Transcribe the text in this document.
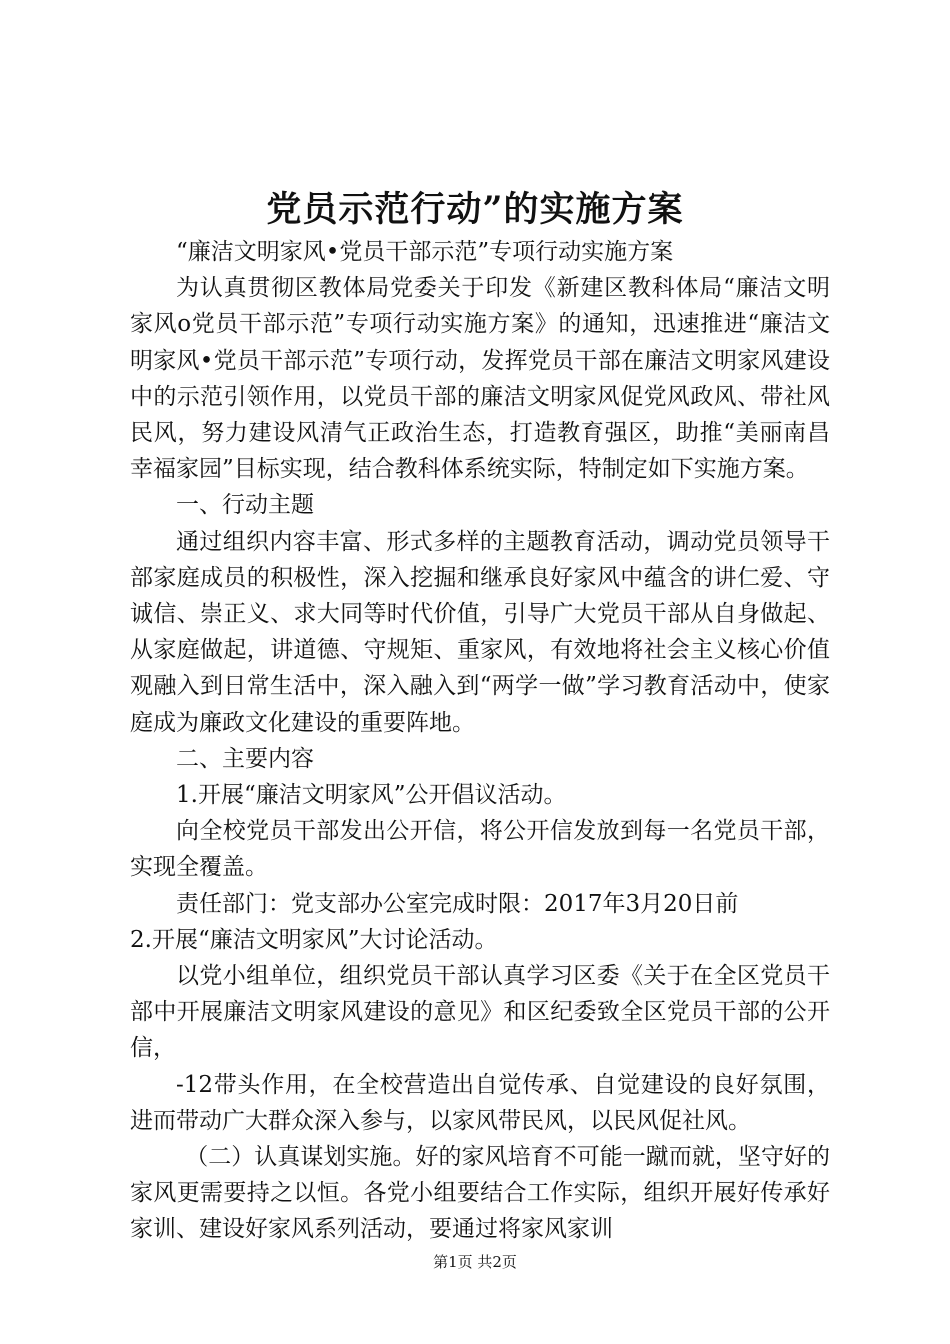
党员示范行动”的实施方案

“廉洁文明家风•党员干部示范”专项行动实施方案

为认真贯彻区教体局党委关于印发《新建区教科体局“廉洁文明家风o党员干部示范”专项行动实施方案》的通知，迅速推进“廉洁文明家风•党员干部示范”专项行动，发挥党员干部在廉洁文明家风建设中的示范引领作用，以党员干部的廉洁文明家风促党风政风、带社风民风，努力建设风清气正政治生态，打造教育强区，助推“美丽南昌幸福家园”目标实现，结合教科体系统实际，特制定如下实施方案。

一、行动主题

通过组织内容丰富、形式多样的主题教育活动，调动党员领导干部家庭成员的积极性，深入挖掘和继承良好家风中蕴含的讲仁爱、守诚信、崇正义、求大同等时代价值，引导广大党员干部从自身做起、从家庭做起，讲道德、守规矩、重家风，有效地将社会主义核心价值观融入到日常生活中，深入融入到“两学一做”学习教育活动中，使家庭成为廉政文化建设的重要阵地。

二、主要内容

1.开展“廉洁文明家风”公开倡议活动。

向全校党员干部发出公开信，将公开信发放到每一名党员干部，实现全覆盖。

责任部门：党支部办公室完成时限：2017年3月20日前

2.开展“廉洁文明家风”大讨论活动。

以党小组单位，组织党员干部认真学习区委《关于在全区党员干部中开展廉洁文明家风建设的意见》和区纪委致全区党员干部的公开信，

-12带头作用，在全校营造出自觉传承、自觉建设的良好氛围，进而带动广大群众深入参与，以家风带民风，以民风促社风。

（二）认真谋划实施。好的家风培育不可能一蹴而就，坚守好的家风更需要持之以恒。各党小组要结合工作实际，组织开展好传承好家训、建设好家风系列活动，要通过将家风家训

第1页 共2页
